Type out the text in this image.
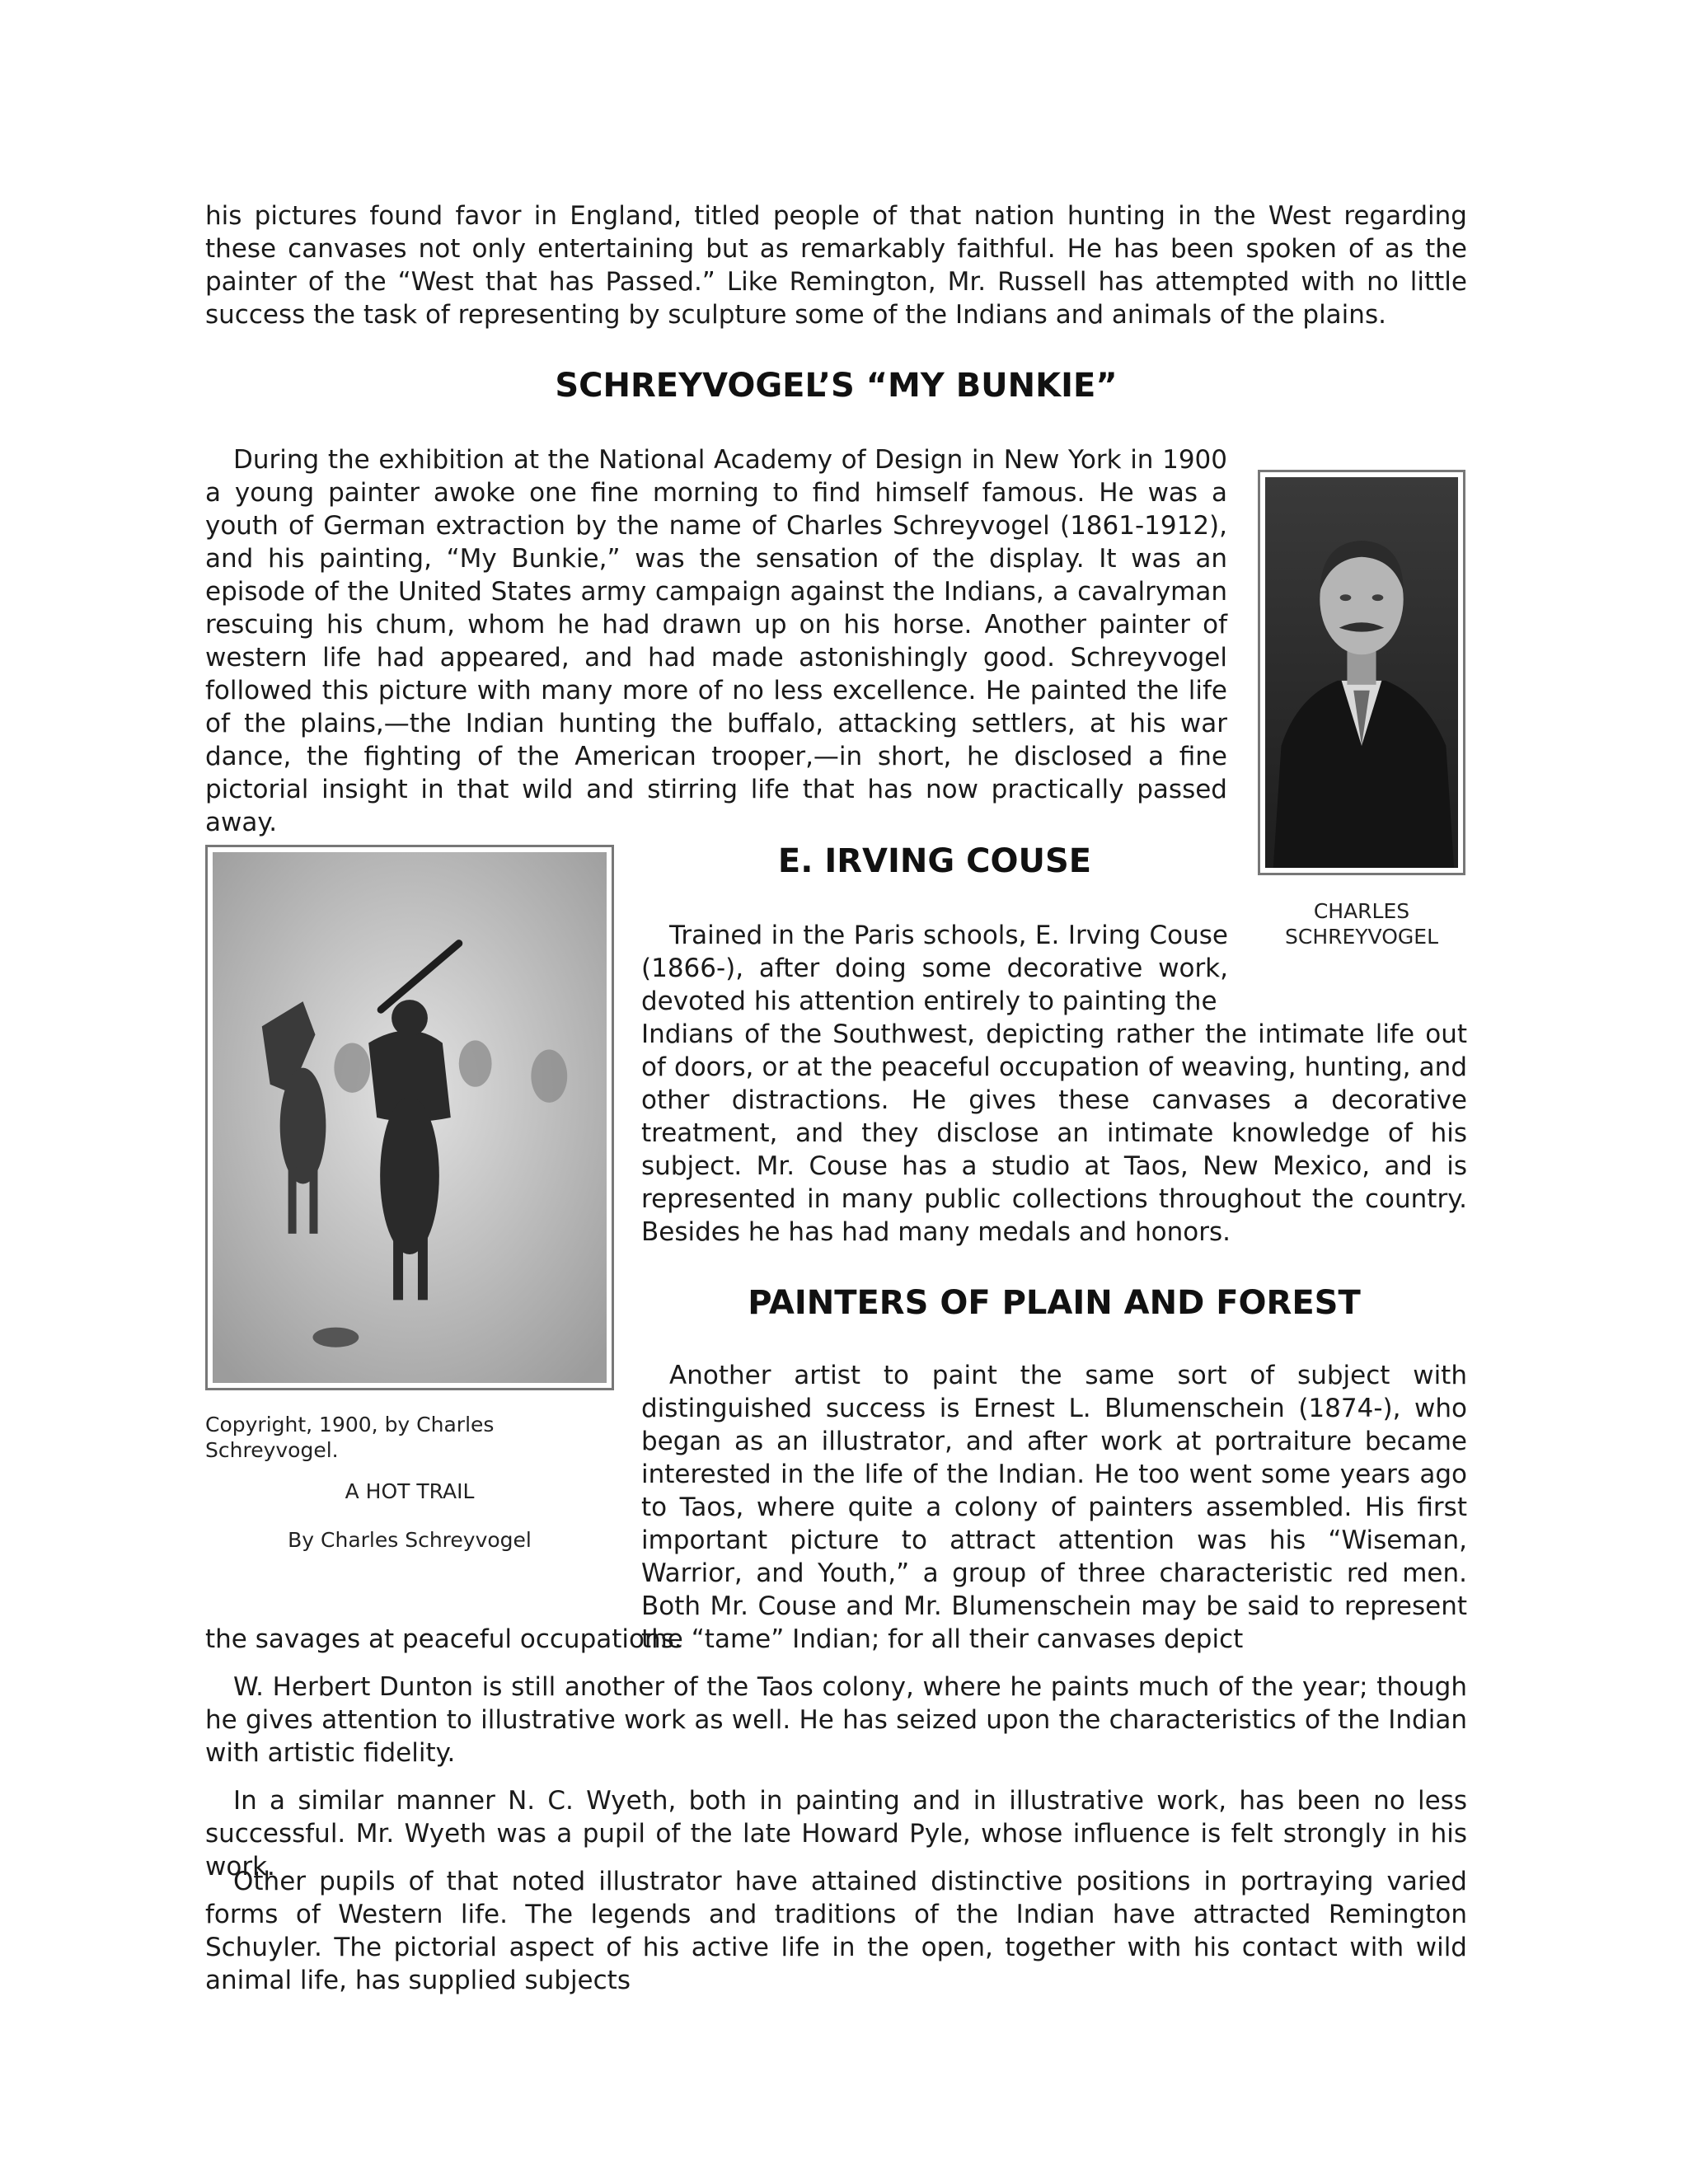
his pictures found favor in England, titled people of that nation hunting in the West regarding these canvases not only entertaining but as remarkably faithful. He has been spoken of as the painter of the “West that has Passed.” Like Remington, Mr. Russell has attempted with no little success the task of representing by sculpture some of the Indians and animals of the plains.

SCHREYVOGEL’S “MY BUNKIE”

During the exhibition at the National Academy of Design in New York in 1900 a young painter awoke one fine morning to find himself famous. He was a youth of German extraction by the name of Charles Schreyvogel (1861-1912), and his painting, “My Bunkie,” was the sensation of the display. It was an episode of the United States army campaign against the Indians, a cavalryman rescuing his chum, whom he had drawn up on his horse. Another painter of western life had appeared, and had made astonishingly good. Schreyvogel followed this picture with many more of no less excellence. He painted the life of the plains,—the Indian hunting the buffalo, attacking settlers, at his war dance, the fighting of the American trooper,—in short, he disclosed a fine pictorial insight in that wild and stirring life that has now practically passed away.

CHARLES
SCHREYVOGEL

Copyright, 1900, by Charles Schreyvogel.

A HOT TRAIL

By Charles Schreyvogel

E. IRVING COUSE

Trained in the Paris schools, E. Irving Couse (1866-), after doing some decorative work, devoted his attention entirely to painting the

Indians of the Southwest, depicting rather the intimate life out of doors, or at the peaceful occupation of weaving, hunting, and other distractions. He gives these canvases a decorative treatment, and they disclose an intimate knowledge of his subject. Mr. Couse has a studio at Taos, New Mexico, and is represented in many public collections throughout the country. Besides he has had many medals and honors.

PAINTERS OF PLAIN AND FOREST

Another artist to paint the same sort of subject with distinguished success is Ernest L. Blumenschein (1874-), who began as an illustrator, and after work at portraiture became interested in the life of the Indian. He too went some years ago to Taos, where quite a colony of painters assembled. His first important picture to attract attention was his “Wiseman, Warrior, and Youth,” a group of three characteristic red men. Both Mr. Couse and Mr. Blumenschein may be said to represent the “tame” Indian; for all their canvases depict

the savages at peaceful occupations.

W. Herbert Dunton is still another of the Taos colony, where he paints much of the year; though he gives attention to illustrative work as well. He has seized upon the characteristics of the Indian with artistic fidelity.

In a similar manner N. C. Wyeth, both in painting and in illustrative work, has been no less successful. Mr. Wyeth was a pupil of the late Howard Pyle, whose influence is felt strongly in his work.

Other pupils of that noted illustrator have attained distinctive positions in portraying varied forms of Western life. The legends and traditions of the Indian have attracted Remington Schuyler. The pictorial aspect of his active life in the open, together with his contact with wild animal life, has supplied subjects
